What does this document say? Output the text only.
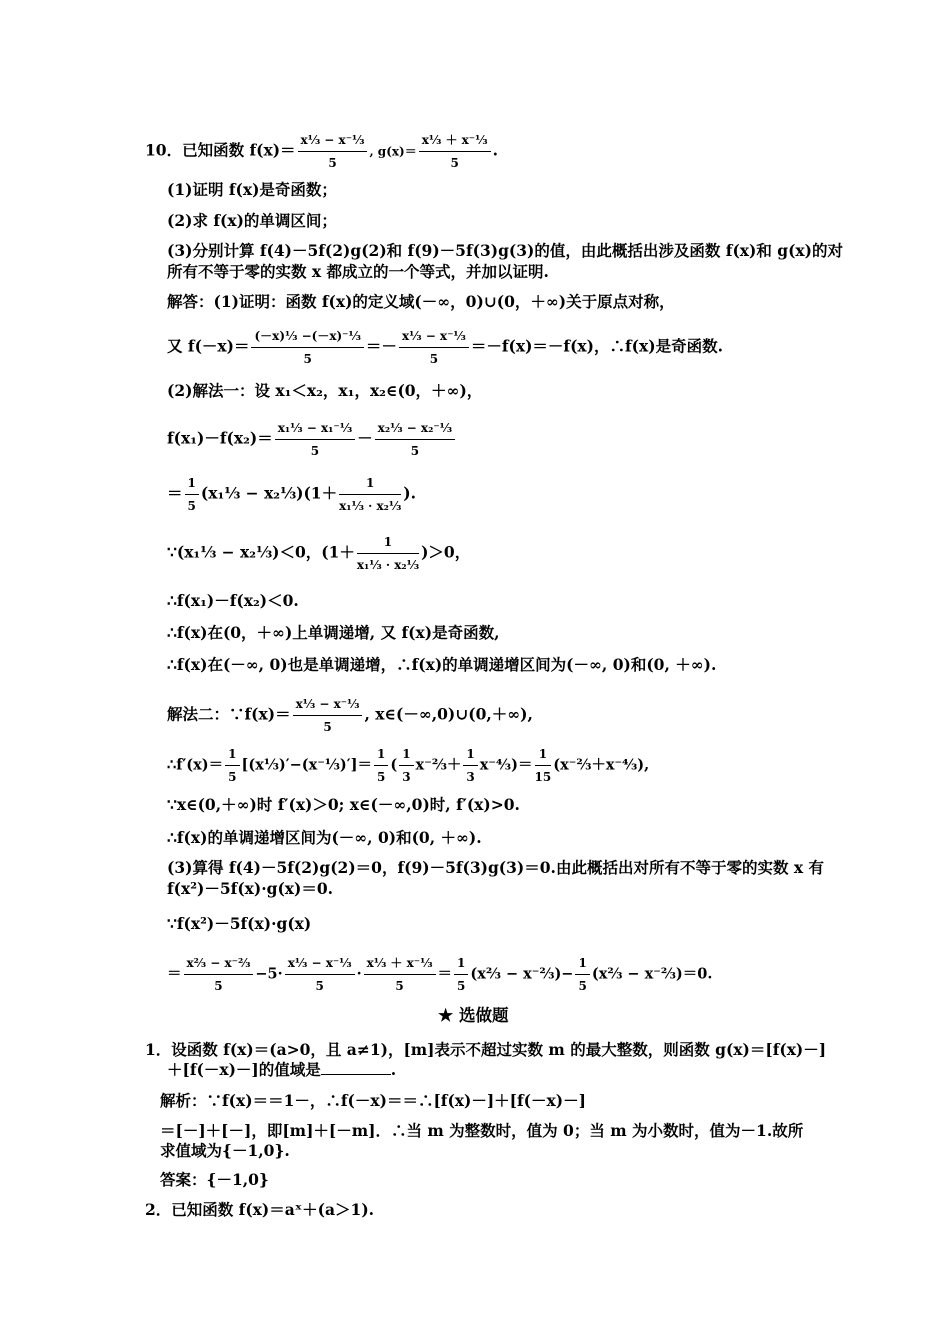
10．已知函数 $f(x)= \frac{\text{x⅓ − x⁻⅓}}{5}$ , $g(x)= \frac{\text{x⅓ ＋ x⁻⅓}}{5}$ .
(1)证明 f(x)是奇函数；
(2)求 f(x)的单调区间；
(3)分别计算 f(4)－5f(2)g(2)和 f(9)－5f(3)g(3)的值，由此概括出涉及函数 f(x)和 g(x)的对
所有不等于零的实数 x 都成立的一个等式，并加以证明.
解答：(1)证明：函数 f(x)的定义域(－∞，0)∪(0，＋∞)关于原点对称，
又 $f(-x)= \frac{\text{(－x)⅓ −(－x)⁻⅓}}{5} =- \frac{\text{x⅓ − x⁻⅓}}{5} =-f(x)=-f(x)$，∴f(x)是奇函数.
(2)解法一：设 x₁＜x₂，x₁，x₂∈(0，＋∞)，
$f(x_1)-f(x_2)= \frac{\text{x₁⅓ − x₁⁻⅓}}{5} - \frac{\text{x₂⅓ − x₂⁻⅓}}{5}$
＝ $\frac{1}{5}$ (x₁⅓ − x₂⅓)(1＋ $\frac{1}{\text{x₁⅓ · x₂⅓}}$ ).
∵(x₁⅓ − x₂⅓)＜0，$(1+ \frac{1}{\text{x₁⅓ · x₂⅓}} )>0$，
∴f(x₁)－f(x₂)＜0.
∴f(x)在(0，＋∞)上单调递增, 又 f(x)是奇函数,
∴f(x)在(－∞, 0)也是单调递增，∴f(x)的单调递增区间为(－∞, 0)和(0, ＋∞).
解法二：∵f(x)＝ $\frac{\text{x⅓ − x⁻⅓}}{5}$ , x∈(－∞,0)∪(0,＋∞),
∴f′(x)＝ $\frac{1}{5}$ [(x⅓)′−(x⁻⅓)′]＝ $\frac{1}{5}$ ( $\frac{1}{3}$ x⁻⅔＋ $\frac{1}{3}$ x⁻⁴⁄₃)＝ $\frac{1}{15}$ (x⁻⅔＋x⁻⁴⁄₃),
∵x∈(0,＋∞)时 f′(x)＞0; x∈(－∞,0)时, f′(x)>0.
∴f(x)的单调递增区间为(－∞, 0)和(0, ＋∞).
(3)算得 f(4)－5f(2)g(2)＝0，f(9)－5f(3)g(3)＝0.由此概括出对所有不等于零的实数 x 有
f(x²)－5f(x)·g(x)＝0.
∵f(x²)－5f(x)·g(x)
＝ $\frac{\text{x⅔ − x⁻⅔}}{5} -5\cdot \frac{\text{x⅓ − x⁻⅓}}{5} \cdot \frac{\text{x⅓ ＋ x⁻⅓}}{5} = \frac{1}{5}$ (x⅔ − x⁻⅔)− $\frac{1}{5}$ (x⅔ − x⁻⅔)＝0.
★ 选做题
1．设函数 f(x)＝(a>0，且 a≠1)，[m]表示不超过实数 m 的最大整数，则函数 g(x)＝[f(x)－]
＋[f(－x)－]的值域是	.
解析：∵f(x)＝＝1－，∴f(－x)＝＝∴[f(x)－]＋[f(－x)－]
＝[－]＋[－]，即[m]＋[－m]．∴当 m 为整数时，值为 0；当 m 为小数时，值为－1.故所
求值域为{－1,0}.
答案：{－1,0}
2．已知函数 f(x)＝aˣ＋(a＞1).
